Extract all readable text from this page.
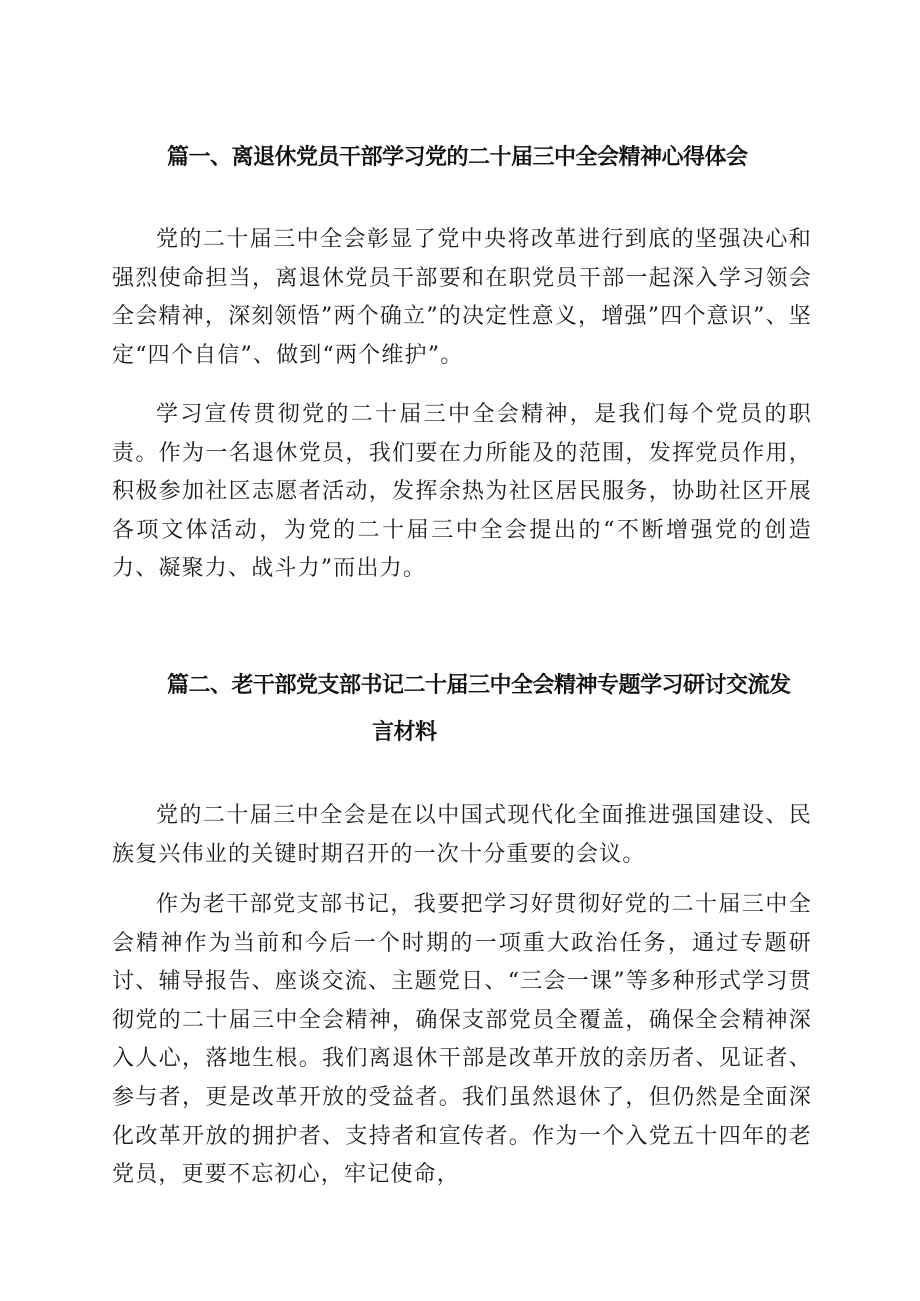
篇一、离退休党员干部学习党的二十届三中全会精神心得体会

党的二十届三中全会彰显了党中央将改革进行到底的坚强决心和强烈使命担当，离退休党员干部要和在职党员干部一起深入学习领会全会精神，深刻领悟”两个确立”的决定性意义，增强”四个意识”、坚定“四个自信”、做到“两个维护”。

学习宣传贯彻党的二十届三中全会精神，是我们每个党员的职责。作为一名退休党员，我们要在力所能及的范围，发挥党员作用，积极参加社区志愿者活动，发挥余热为社区居民服务，协助社区开展各项文体活动，为党的二十届三中全会提出的“不断增强党的创造力、凝聚力、战斗力”而出力。

篇二、老干部党支部书记二十届三中全会精神专题学习研讨交流发
言材料

党的二十届三中全会是在以中国式现代化全面推进强国建设、民族复兴伟业的关键时期召开的一次十分重要的会议。

作为老干部党支部书记，我要把学习好贯彻好党的二十届三中全会精神作为当前和今后一个时期的一项重大政治任务，通过专题研讨、辅导报告、座谈交流、主题党日、“三会一课”等多种形式学习贯彻党的二十届三中全会精神，确保支部党员全覆盖，确保全会精神深入人心，落地生根。我们离退休干部是改革开放的亲历者、见证者、参与者，更是改革开放的受益者。我们虽然退休了，但仍然是全面深化改革开放的拥护者、支持者和宣传者。作为一个入党五十四年的老党员，更要不忘初心，牢记使命，
